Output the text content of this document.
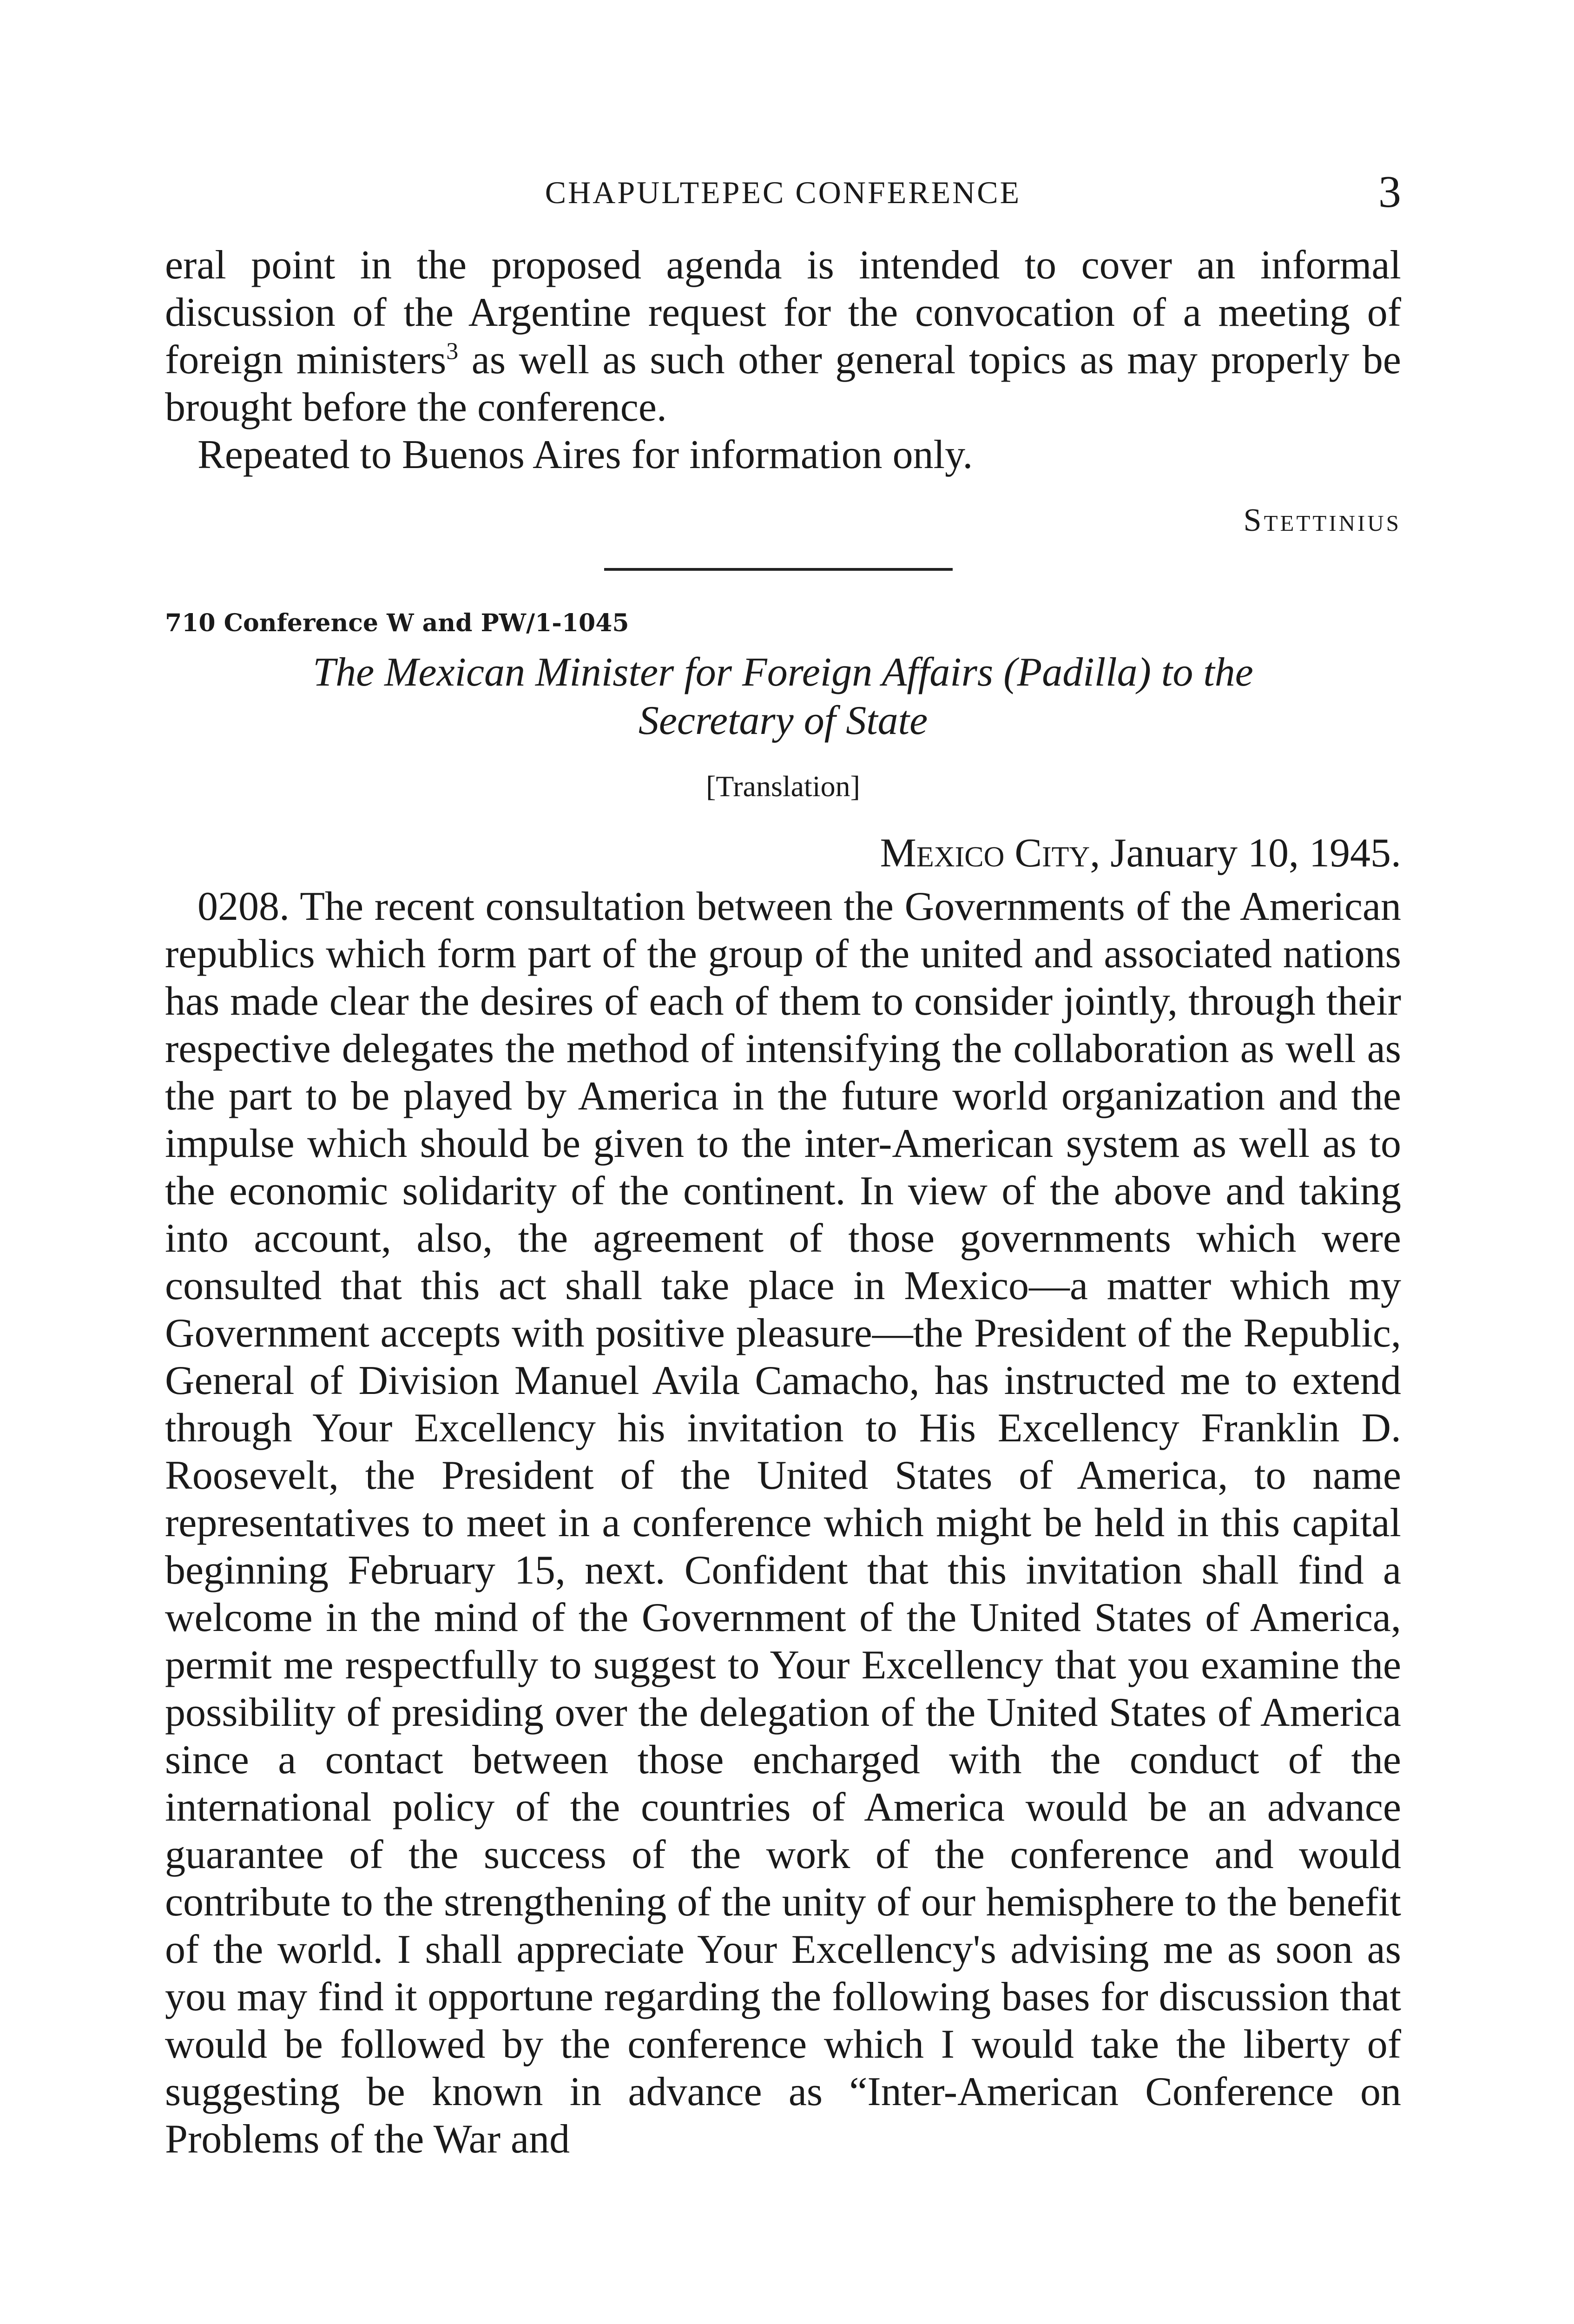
CHAPULTEPEC CONFERENCE	3

eral point in the proposed agenda is intended to cover an informal discussion of the Argentine request for the convocation of a meeting of foreign ministers$^3$ as well as such other general topics as may properly be brought before the conference.

Repeated to Buenos Aires for information only.

Stettinius
710 Conference W and PW/1-1045
The Mexican Minister for Foreign Affairs (Padilla) to the
Secretary of State
[Translation]
Mexico City, January 10, 1945.

0208. The recent consultation between the Governments of the American republics which form part of the group of the united and associated nations has made clear the desires of each of them to consider jointly, through their respective delegates the method of intensifying the collaboration as well as the part to be played by America in the future world organization and the impulse which should be given to the inter-American system as well as to the economic solidarity of the continent. In view of the above and taking into account, also, the agreement of those governments which were consulted that this act shall take place in Mexico—a matter which my Government accepts with positive pleasure—the President of the Republic, General of Division Manuel Avila Camacho, has instructed me to extend through Your Excellency his invitation to His Excellency Franklin D. Roosevelt, the President of the United States of America, to name representatives to meet in a conference which might be held in this capital beginning February 15, next. Confident that this invitation shall find a welcome in the mind of the Government of the United States of America, permit me respectfully to suggest to Your Excellency that you examine the possibility of presiding over the delegation of the United States of America since a contact between those encharged with the conduct of the international policy of the countries of America would be an advance guarantee of the success of the work of the conference and would contribute to the strengthening of the unity of our hemisphere to the benefit of the world. I shall appreciate Your Excellency's advising me as soon as you may find it opportune regarding the following bases for discussion that would be followed by the conference which I would take the liberty of suggesting be known in advance as “Inter-American Conference on Problems of the War and
